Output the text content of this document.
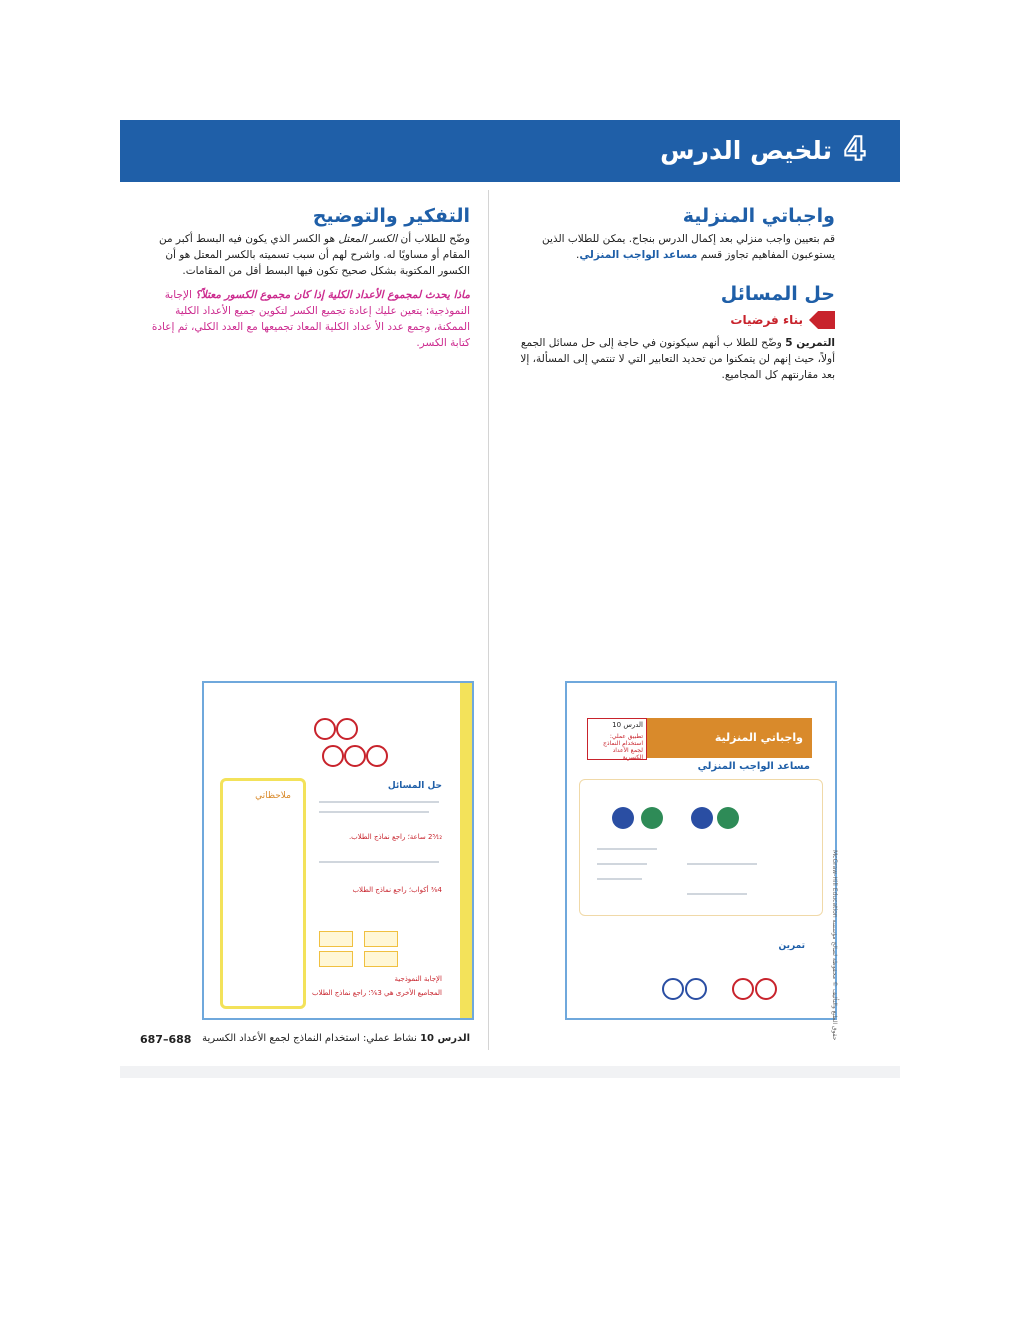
4
تلخيص الدرس
واجباتي المنزلية

قم بتعيين واجب منزلي بعد إكمال الدرس بنجاح. يمكن للطلاب الذين يستوعبون المفاهيم تجاوز قسم مساعد الواجب المنزلي.

حل المسائل
بناء فرضيات

التمرين 5 وضّح للطلا ب أنهم سيكونون في حاجة إلى حل مسائل الجمع أولاً، حيث إنهم لن يتمكنوا من تحديد التعابير التي لا تنتمي إلى المسألة، إلا بعد مقارنتهم كل المجاميع.

التفكير والتوضيح

وضّح للطلاب أن الكسر المعتل هو الكسر الذي يكون فيه البسط أكبر من المقام أو مساويًا له. واشرح لهم أن سبب تسميته بالكسر المعتل هو أن الكسور المكتوبة بشكل صحيح تكون فيها البسط أقل من المقامات.

ماذا يحدث لمجموع الأعداد الكلية إذا كان مجموع الكسور معتلاً؟ الإجابة النموذجية: يتعين عليك إعادة تجميع الكسر لتكوين جميع الأعداد الكلية الممكنة، وجمع عدد الأ عداد الكلية المعاد تجميعها مع العدد الكلي، ثم إعادة كتابة الكسر.

واجباتي المنزلية
الدرس 10
تطبيق عملي: استخدام النماذج لجمع الأعداد الكسرية
مساعد الواجب المنزلي
تمرين
حقوق الطبع والتأليف © محفوظة لصالح مؤسسة McGraw-Hill Education
ملاحظاتي
حل المسائل
2⁵⁄₁₂ ساعة؛ راجع نماذج الطلاب.
4⅜ أكواب؛ راجع نماذج الطلاب
الإجابة النموذجية
المجاميع الأخرى هي 3⅚؛ راجع نماذج الطلاب
الدرس 10 نشاط عملي: استخدام النماذج لجمع الأعداد الكسرية
687–688
